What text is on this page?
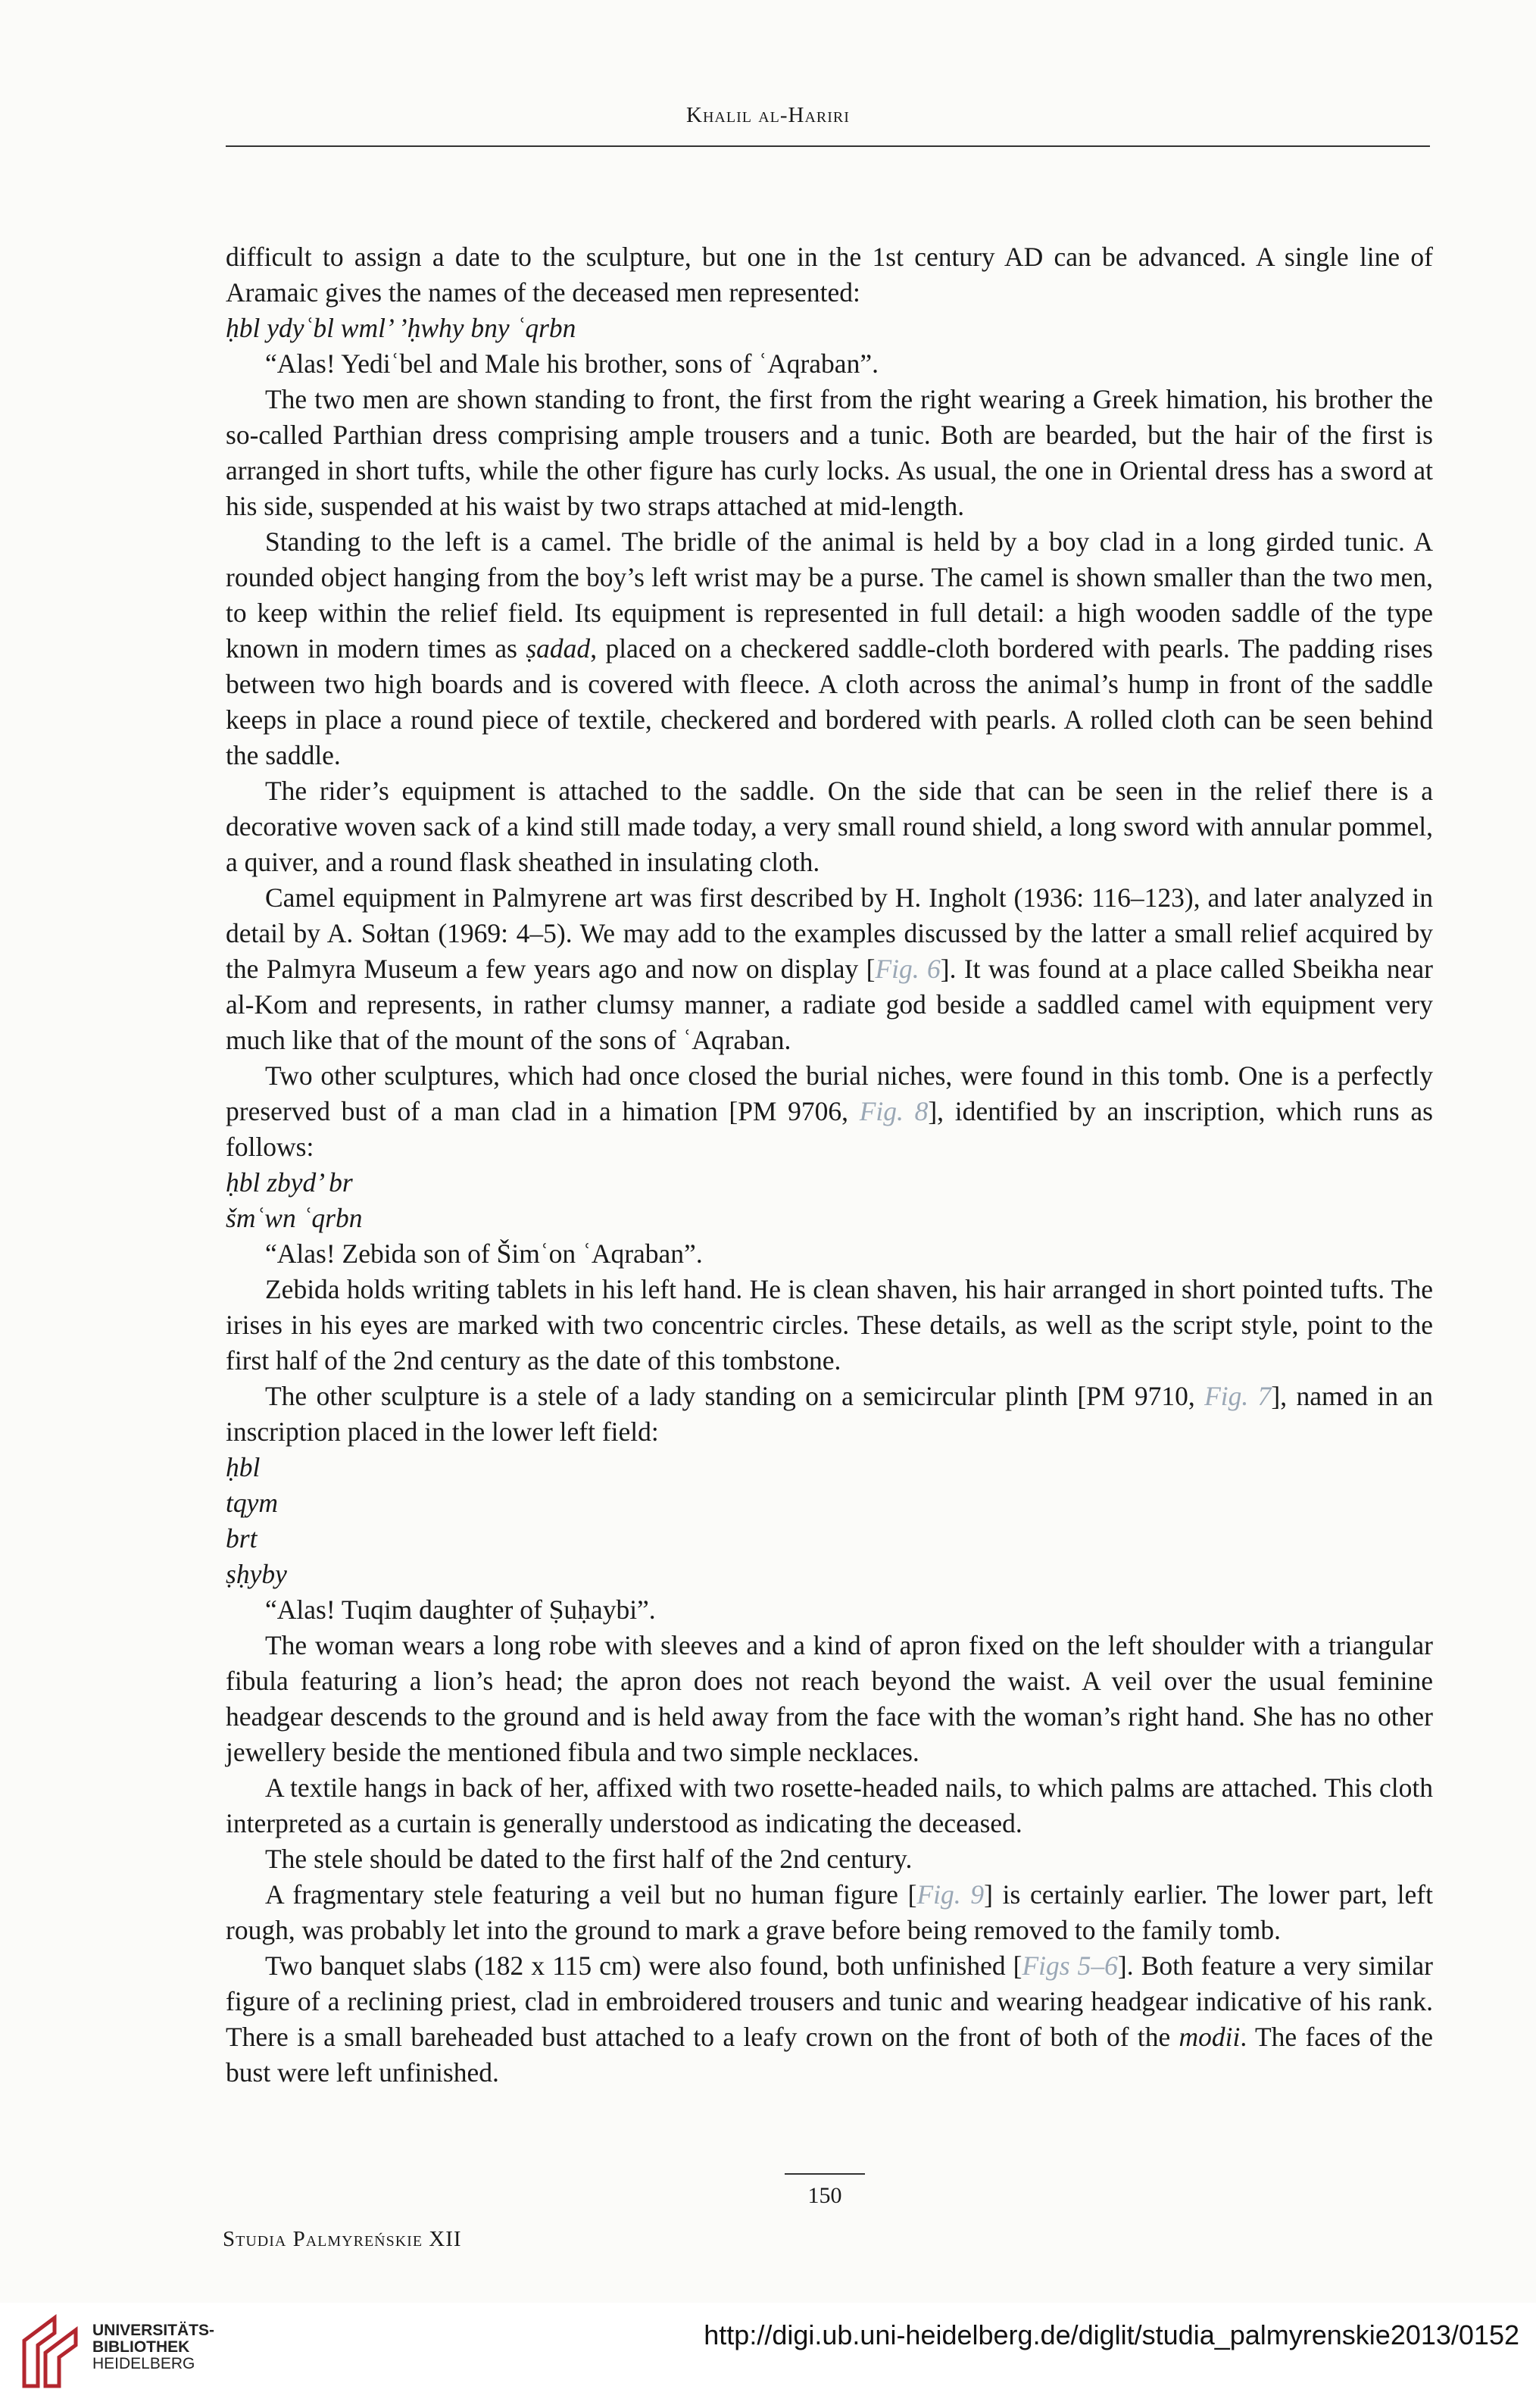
Khalil al-Hariri

difficult to assign a date to the sculpture, but one in the 1st century AD can be advanced. A single line of Aramaic gives the names of the deceased men represented:

ḥbl ydyʿbl wml’ ’ḥwhy bny ʿqrbn

“Alas! Yediʿbel and Male his brother, sons of ʿAqraban”.

The two men are shown standing to front, the first from the right wearing a Greek himation, his brother the so-called Parthian dress comprising ample trousers and a tunic. Both are bearded, but the hair of the first is arranged in short tufts, while the other figure has curly locks. As usual, the one in Oriental dress has a sword at his side, suspended at his waist by two straps attached at mid-length.

Standing to the left is a camel. The bridle of the animal is held by a boy clad in a long girded tunic. A rounded object hanging from the boy’s left wrist may be a purse. The camel is shown smaller than the two men, to keep within the relief field. Its equipment is represented in full detail: a high wooden saddle of the type known in modern times as ṣadad, placed on a checkered saddle-cloth bordered with pearls. The padding rises between two high boards and is covered with fleece. A cloth across the animal’s hump in front of the saddle keeps in place a round piece of textile, checkered and bordered with pearls. A rolled cloth can be seen behind the saddle.

The rider’s equipment is attached to the saddle. On the side that can be seen in the relief there is a decorative woven sack of a kind still made today, a very small round shield, a long sword with annular pommel, a quiver, and a round flask sheathed in insulating cloth.

Camel equipment in Palmyrene art was first described by H. Ingholt (1936: 116–123), and later analyzed in detail by A. Sołtan (1969: 4–5). We may add to the examples discussed by the latter a small relief acquired by the Palmyra Museum a few years ago and now on display [Fig. 6]. It was found at a place called Sbeikha near al-Kom and represents, in rather clumsy manner, a radiate god beside a saddled camel with equipment very much like that of the mount of the sons of ʿAqraban.

Two other sculptures, which had once closed the burial niches, were found in this tomb. One is a perfectly preserved bust of a man clad in a himation [PM 9706, Fig. 8], identified by an inscription, which runs as follows:

ḥbl zbyd’ br

šmʿwn ʿqrbn

“Alas! Zebida son of Šimʿon ʿAqraban”.

Zebida holds writing tablets in his left hand. He is clean shaven, his hair arranged in short pointed tufts. The irises in his eyes are marked with two concentric circles. These details, as well as the script style, point to the first half of the 2nd century as the date of this tombstone.

The other sculpture is a stele of a lady standing on a semicircular plinth [PM 9710, Fig. 7], named in an inscription placed in the lower left field:

ḥbl

tqym

brt

ṣḥyby

“Alas! Tuqim daughter of Ṣuḥaybi”.

The woman wears a long robe with sleeves and a kind of apron fixed on the left shoulder with a triangular fibula featuring a lion’s head; the apron does not reach beyond the waist. A veil over the usual feminine headgear descends to the ground and is held away from the face with the woman’s right hand. She has no other jewellery beside the mentioned fibula and two simple necklaces.

A textile hangs in back of her, affixed with two rosette-headed nails, to which palms are attached. This cloth interpreted as a curtain is generally understood as indicating the deceased.

The stele should be dated to the first half of the 2nd century.

A fragmentary stele featuring a veil but no human figure [Fig. 9] is certainly earlier. The lower part, left rough, was probably let into the ground to mark a grave before being removed to the family tomb.

Two banquet slabs (182 x 115 cm) were also found, both unfinished [Figs 5–6]. Both feature a very similar figure of a reclining priest, clad in embroidered trousers and tunic and wearing headgear indicative of his rank. There is a small bareheaded bust attached to a leafy crown on the front of both of the modii. The faces of the bust were left unfinished.

150
Studia Palmyreńskie XII
UNIVERSITÄTS-
BIBLIOTHEK
HEIDELBERG
http://digi.ub.uni-heidelberg.de/diglit/studia_palmyrenskie2013/0152
